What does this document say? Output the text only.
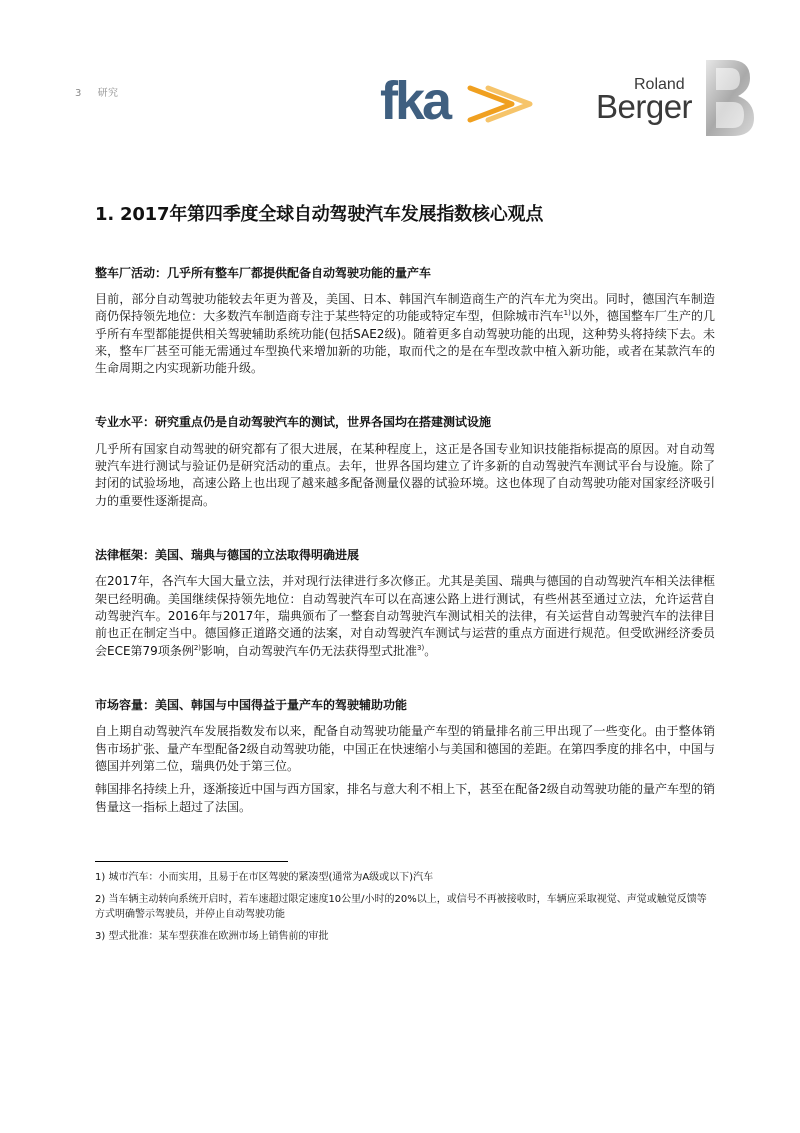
3 研究	fka	Roland
Berger
1. 2017年第四季度全球自动驾驶汽车发展指数核心观点
整车厂活动：几乎所有整车厂都提供配备自动驾驶功能的量产车

目前，部分自动驾驶功能较去年更为普及，美国、日本、韩国汽车制造商生产的汽车尤为突出。同时，德国汽车制造商仍保持领先地位：大多数汽车制造商专注于某些特定的功能或特定车型，但除城市汽车$^{1)}$以外，德国整车厂生产的几乎所有车型都能提供相关驾驶辅助系统功能(包括SAE2级)。随着更多自动驾驶功能的出现，这种势头将持续下去。未来，整车厂甚至可能无需通过车型换代来增加新的功能，取而代之的是在车型改款中植入新功能，或者在某款汽车的生命周期之内实现新功能升级。

专业水平：研究重点仍是自动驾驶汽车的测试，世界各国均在搭建测试设施

几乎所有国家自动驾驶的研究都有了很大进展，在某种程度上，这正是各国专业知识技能指标提高的原因。对自动驾驶汽车进行测试与验证仍是研究活动的重点。去年，世界各国均建立了许多新的自动驾驶汽车测试平台与设施。除了封闭的试验场地，高速公路上也出现了越来越多配备测量仪器的试验环境。这也体现了自动驾驶功能对国家经济吸引力的重要性逐渐提高。

法律框架：美国、瑞典与德国的立法取得明确进展

在2017年，各汽车大国大量立法，并对现行法律进行多次修正。尤其是美国、瑞典与德国的自动驾驶汽车相关法律框架已经明确。美国继续保持领先地位：自动驾驶汽车可以在高速公路上进行测试，有些州甚至通过立法，允许运营自动驾驶汽车。2016年与2017年，瑞典颁布了一整套自动驾驶汽车测试相关的法律，有关运营自动驾驶汽车的法律目前也正在制定当中。德国修正道路交通的法案，对自动驾驶汽车测试与运营的重点方面进行规范。但受欧洲经济委员会ECE第79项条例$^{2)}$影响，自动驾驶汽车仍无法获得型式批准$^{3)}$。

市场容量：美国、韩国与中国得益于量产车的驾驶辅助功能

自上期自动驾驶汽车发展指数发布以来，配备自动驾驶功能量产车型的销量排名前三甲出现了一些变化。由于整体销售市场扩张、量产车型配备2级自动驾驶功能，中国正在快速缩小与美国和德国的差距。在第四季度的排名中，中国与德国并列第二位，瑞典仍处于第三位。

韩国排名持续上升，逐渐接近中国与西方国家，排名与意大利不相上下，甚至在配备2级自动驾驶功能的量产车型的销售量这一指标上超过了法国。

1) 城市汽车：小而实用，且易于在市区驾驶的紧凑型(通常为A级或以下)汽车

2) 当车辆主动转向系统开启时，若车速超过限定速度10公里/小时的20%以上，或信号不再被接收时，车辆应采取视觉、声觉或触觉反馈等方式明确警示驾驶员，并停止自动驾驶功能

3) 型式批准：某车型获准在欧洲市场上销售前的审批
